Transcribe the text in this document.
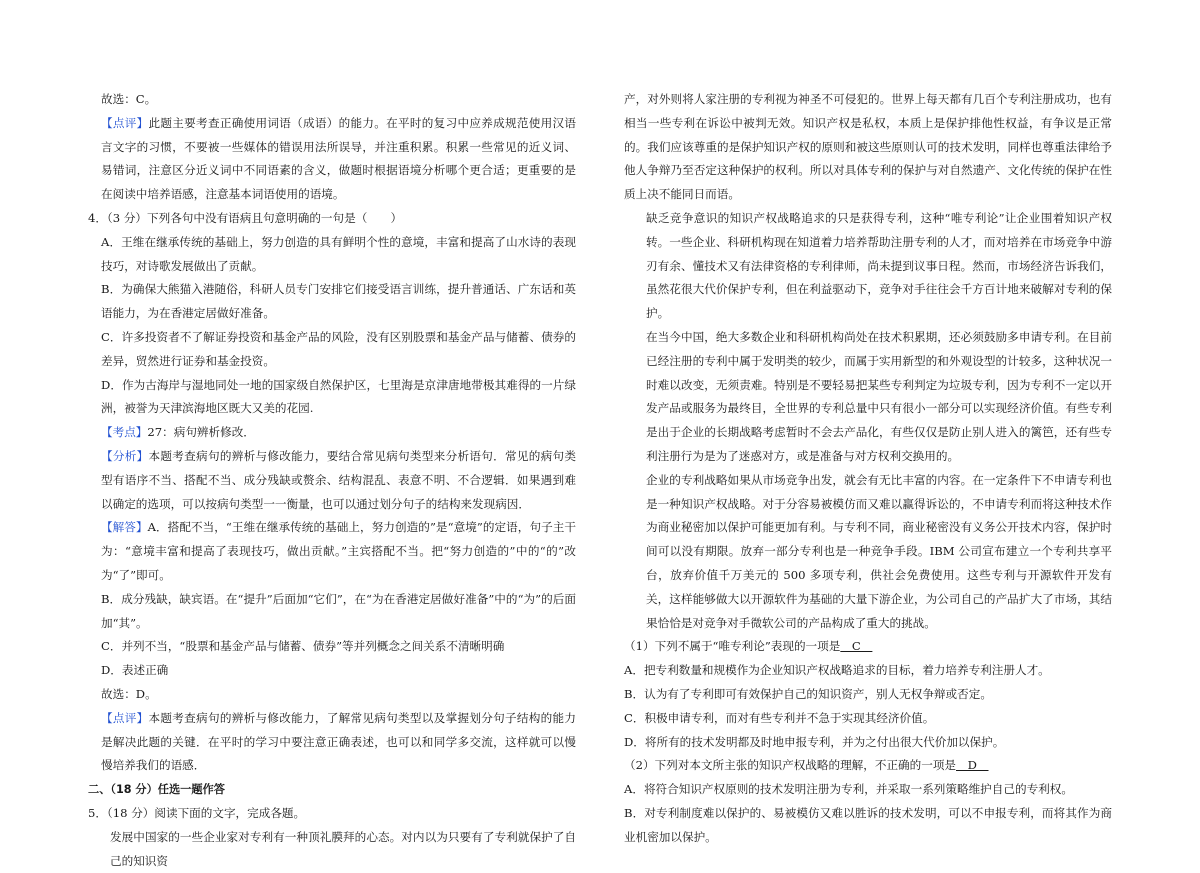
故选：C。

【点评】此题主要考查正确使用词语（成语）的能力。在平时的复习中应养成规范使用汉语言文字的习惯，不要被一些媒体的错误用法所误导，并注重积累。积累一些常见的近义词、易错词，注意区分近义词中不同语素的含义，做题时根据语境分析哪个更合适；更重要的是在阅读中培养语感，注意基本词语使用的语境。

4．（3 分）下列各句中没有语病且句意明确的一句是（　　）

A．王维在继承传统的基础上，努力创造的具有鲜明个性的意境，丰富和提高了山水诗的表现技巧，对诗歌发展做出了贡献。

B．为确保大熊猫入港随俗，科研人员专门安排它们接受语言训练，提升普通话、广东话和英语能力，为在香港定居做好准备。

C．许多投资者不了解证券投资和基金产品的风险，没有区别股票和基金产品与储蓄、债券的差异，贸然进行证券和基金投资。

D．作为古海岸与湿地同处一地的国家级自然保护区，七里海是京津唐地带极其难得的一片绿洲，被誉为天津滨海地区既大又美的花园.

【考点】27：病句辨析修改．

【分析】本题考查病句的辨析与修改能力，要结合常见病句类型来分析语句．常见的病句类型有语序不当、搭配不当、成分残缺或赘余、结构混乱、表意不明、不合逻辑．如果遇到难以确定的选项，可以按病句类型一一衡量，也可以通过划分句子的结构来发现病因．

【解答】A．搭配不当，“王维在继承传统的基础上，努力创造的”是“意境”的定语，句子主干为：“意境丰富和提高了表现技巧，做出贡献。”主宾搭配不当。把“努力创造的”中的“的”改为“了”即可。

B．成分残缺，缺宾语。在“提升”后面加“它们”，在“为在香港定居做好准备”中的“为”的后面加“其”。

C．并列不当，“股票和基金产品与储蓄、债券”等并列概念之间关系不清晰明确

D．表述正确

故选：D。

【点评】本题考查病句的辨析与修改能力，了解常见病句类型以及掌握划分句子结构的能力是解决此题的关键．在平时的学习中要注意正确表述，也可以和同学多交流，这样就可以慢慢培养我们的语感．

二、（18 分）任选一题作答

5．（18 分）阅读下面的文字，完成各题。

发展中国家的一些企业家对专利有一种顶礼膜拜的心态。对内以为只要有了专利就保护了自己的知识资

产，对外则将人家注册的专利视为神圣不可侵犯的。世界上每天都有几百个专利注册成功，也有相当一些专利在诉讼中被判无效。知识产权是私权，本质上是保护排他性权益，有争议是正常的。我们应该尊重的是保护知识产权的原则和被这些原则认可的技术发明，同样也尊重法律给予他人争辩乃至否定这种保护的权利。所以对具体专利的保护与对自然遗产、文化传统的保护在性质上决不能同日而语。

缺乏竞争意识的知识产权战略追求的只是获得专利，这种“唯专利论”让企业围着知识产权转。一些企业、科研机构现在知道着力培养帮助注册专利的人才，而对培养在市场竞争中游刃有余、懂技术又有法律资格的专利律师，尚未提到议事日程。然而，市场经济告诉我们，虽然花很大代价保护专利，但在利益驱动下，竞争对手往往会千方百计地来破解对专利的保护。

在当今中国，绝大多数企业和科研机构尚处在技术积累期，还必须鼓励多申请专利。在目前已经注册的专利中属于发明类的较少，而属于实用新型的和外观设型的计较多，这种状况一时难以改变，无须责难。特别是不要轻易把某些专利判定为垃圾专利，因为专利不一定以开发产品或服务为最终目，全世界的专利总量中只有很小一部分可以实现经济价值。有些专利是出于企业的长期战略考虑暂时不会去产品化，有些仅仅是防止别人进入的篱笆，还有些专利注册行为是为了迷惑对方，或是准备与对方权利交换用的。

企业的专利战略如果从市场竞争出发，就会有无比丰富的内容。在一定条件下不申请专利也是一种知识产权战略。对于分容易被模仿而又难以赢得诉讼的，不申请专利而将这种技术作为商业秘密加以保护可能更加有利。与专利不同，商业秘密没有义务公开技术内容，保护时间可以没有期限。放弃一部分专利也是一种竞争手段。IBM 公司宣布建立一个专利共享平台，放弃价值千万美元的 500 多项专利，供社会免费使用。这些专利与开源软件开发有关，这样能够做大以开源软件为基础的大量下游企业，为公司自己的产品扩大了市场，其结果恰恰是对竞争对手微软公司的产品构成了重大的挑战。

（1）下列不属于“唯专利论”表现的一项是　C　

A．把专利数量和规模作为企业知识产权战略追求的目标，着力培养专利注册人才。

B．认为有了专利即可有效保护自己的知识资产，别人无权争辩或否定。

C．积极申请专利，而对有些专利并不急于实现其经济价值。

D．将所有的技术发明都及时地申报专利，并为之付出很大代价加以保护。

（2）下列对本文所主张的知识产权战略的理解，不正确的一项是　D　

A．将符合知识产权原则的技术发明注册为专利，并采取一系列策略维护自己的专利权。

B．对专利制度难以保护的、易被模仿又难以胜诉的技术发明，可以不申报专利，而将其作为商业机密加以保护。
